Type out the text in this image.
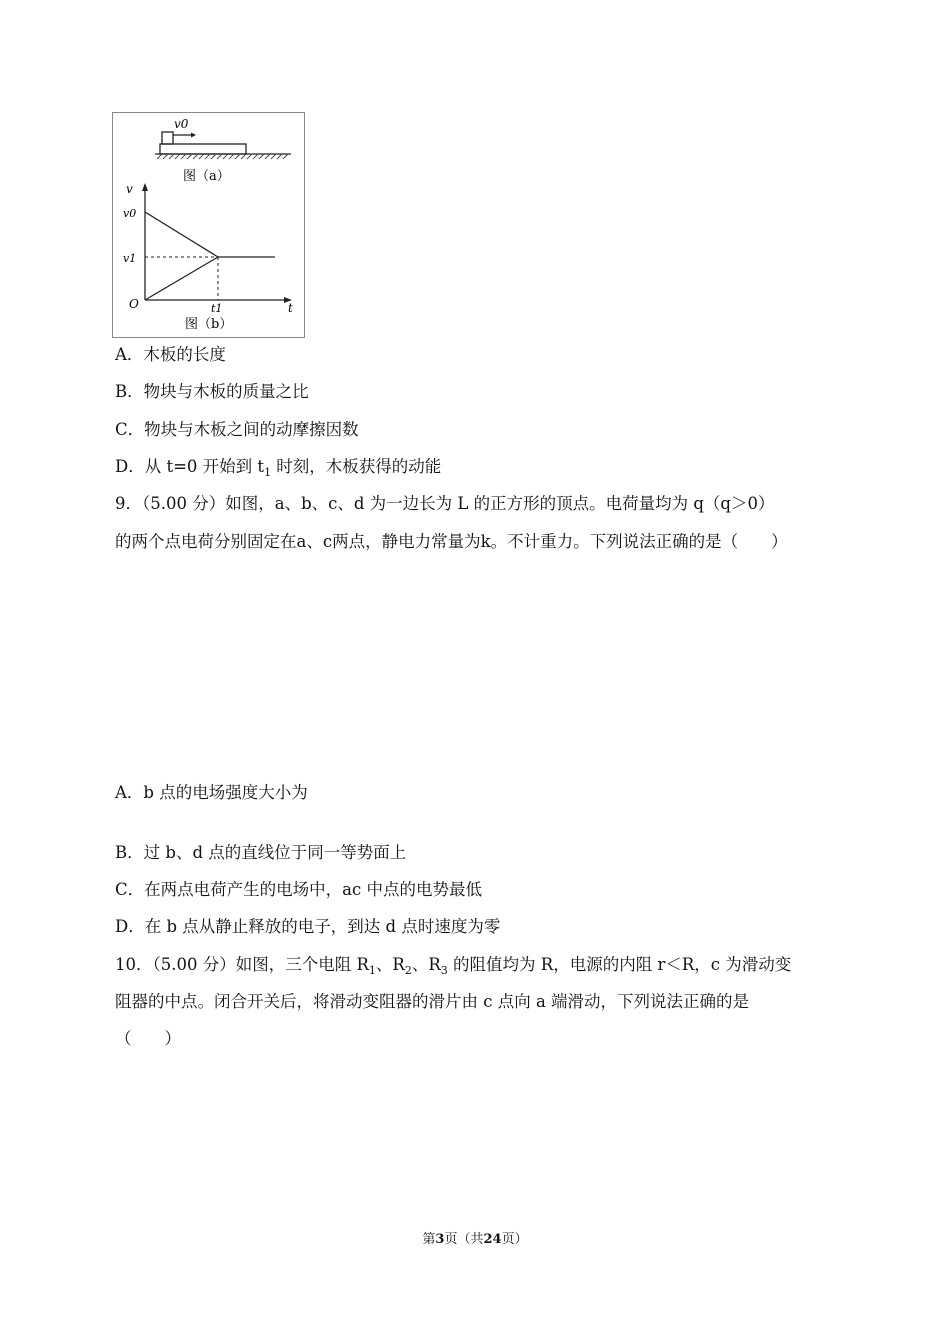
v0
图（a）
v
t
v0
v1
O	t1
图（b）
A．木板的长度
B．物块与木板的质量之比
C．物块与木板之间的动摩擦因数
D．从 t=0 开始到 $t_1$ 时刻，木板获得的动能
9．（5.00 分）如图，a、b、c、d 为一边长为 L 的正方形的顶点。电荷量均为 q（q＞0）
的两个点电荷分别固定在a、c两点，静电力常量为k。不计重力。下列说法正确的是（　　）
A．b 点的电场强度大小为
B．过 b、d 点的直线位于同一等势面上
C．在两点电荷产生的电场中，ac 中点的电势最低
D．在 b 点从静止释放的电子，到达 d 点时速度为零
10．（5.00 分）如图，三个电阻 $R_1$、$R_2$、$R_3$ 的阻值均为 R，电源的内阻 r＜R，c 为滑动变
阻器的中点。闭合开关后，将滑动变阻器的滑片由 c 点向 a 端滑动，下列说法正确的是
（　　）
第3页（共24页）
